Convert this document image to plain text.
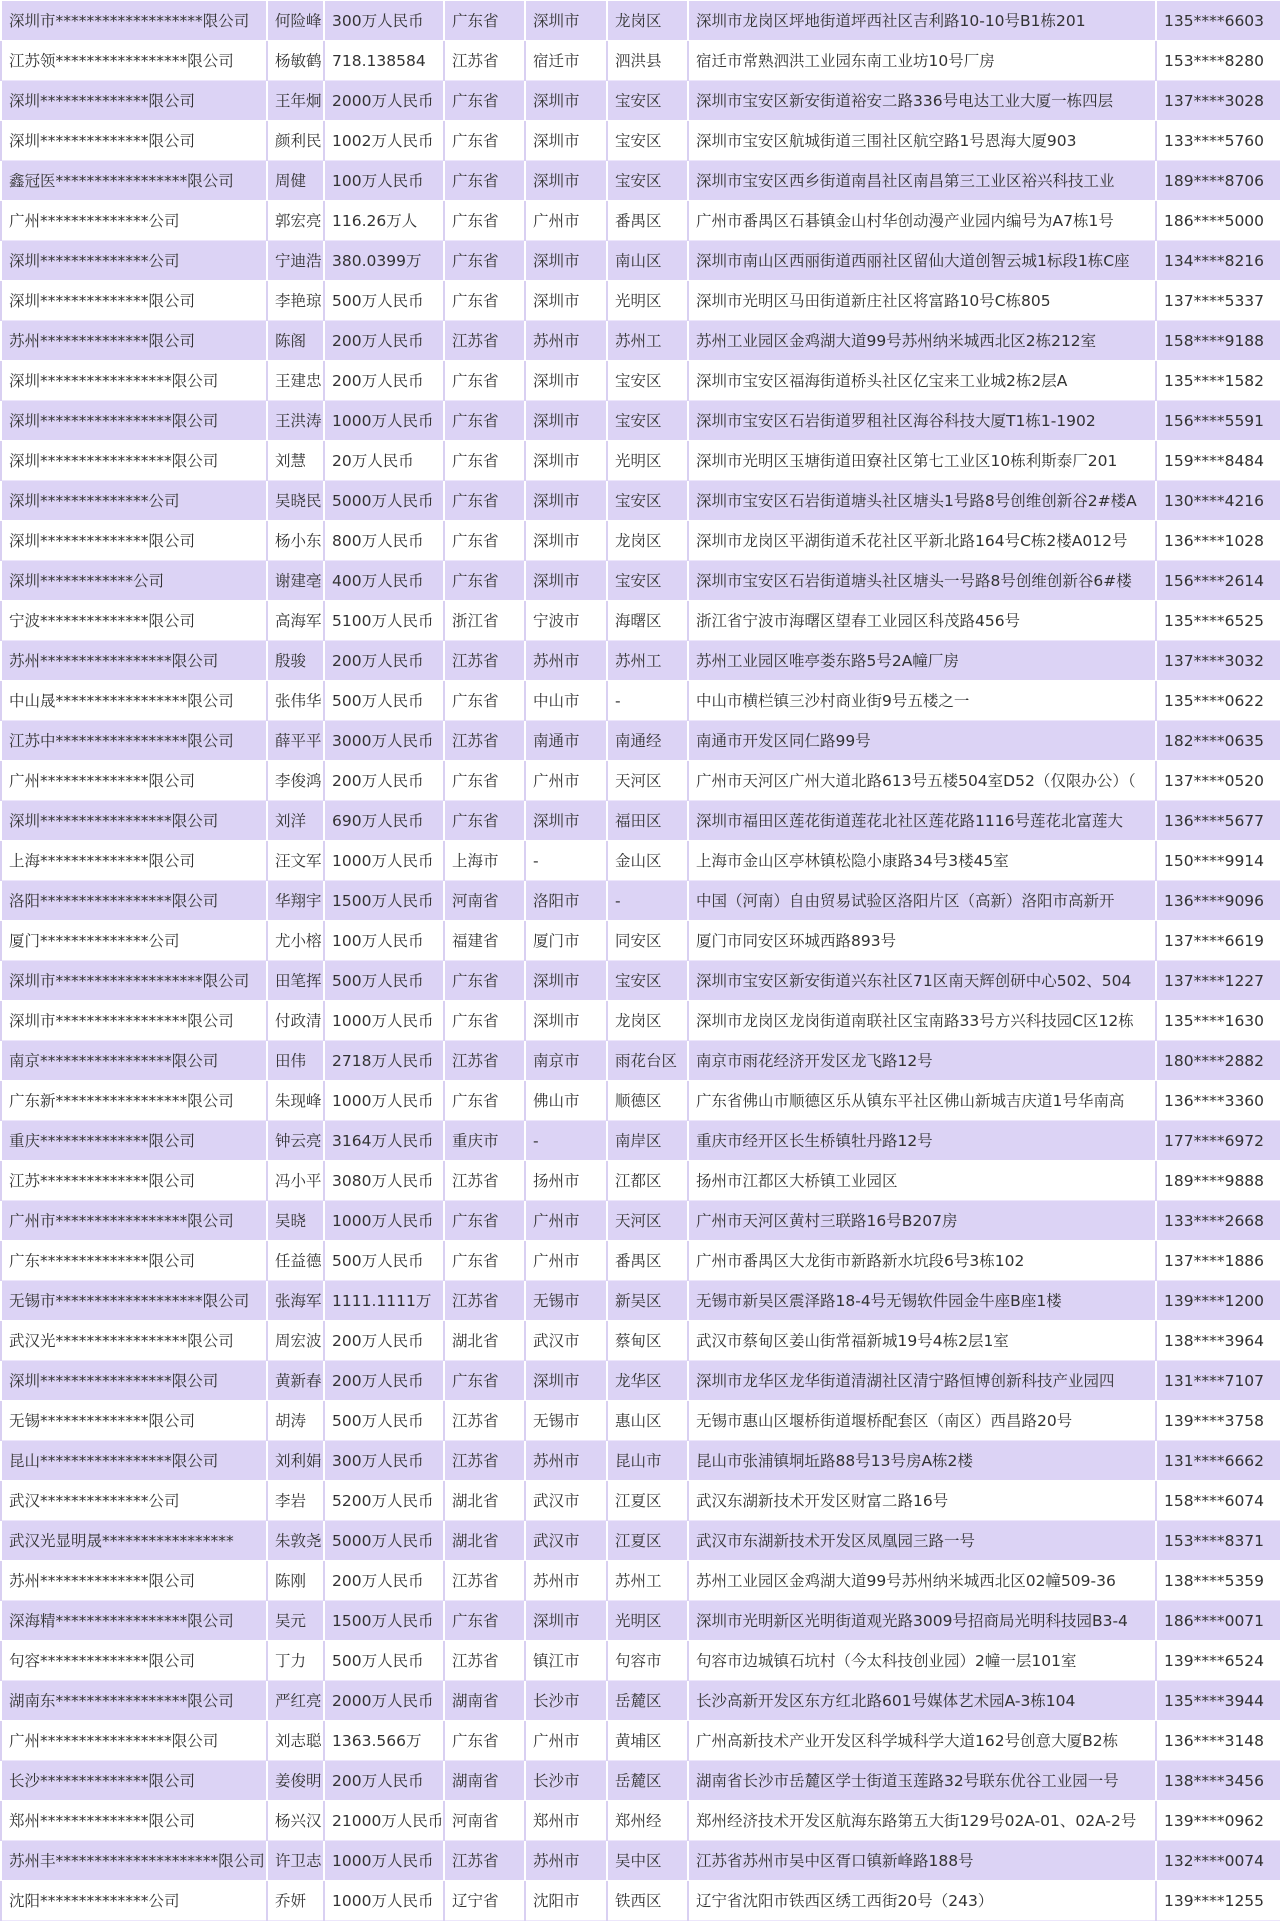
深圳市*******************限公司	何险峰	300万人民币	广东省	深圳市	龙岗区	深圳市龙岗区坪地街道坪西社区吉利路10-10号B1栋201	135****6603
江苏领*****************限公司	杨敏鹤	718.138584	江苏省	宿迁市	泗洪县	宿迁市常熟泗洪工业园东南工业坊10号厂房	153****8280
深圳**************限公司	王年炯	2000万人民币	广东省	深圳市	宝安区	深圳市宝安区新安街道裕安二路336号电达工业大厦一栋四层	137****3028
深圳**************限公司	颜利民	1002万人民币	广东省	深圳市	宝安区	深圳市宝安区航城街道三围社区航空路1号恩海大厦903	133****5760
鑫冠医*****************限公司	周健	100万人民币	广东省	深圳市	宝安区	深圳市宝安区西乡街道南昌社区南昌第三工业区裕兴科技工业	189****8706
广州**************公司	郭宏亮	116.26万人	广东省	广州市	番禺区	广州市番禺区石碁镇金山村华创动漫产业园内编号为A7栋1号	186****5000
深圳**************公司	宁迪浩	380.0399万	广东省	深圳市	南山区	深圳市南山区西丽街道西丽社区留仙大道创智云城1标段1栋C座	134****8216
深圳**************限公司	李艳琼	500万人民币	广东省	深圳市	光明区	深圳市光明区马田街道新庄社区将富路10号C栋805	137****5337
苏州**************限公司	陈阁	200万人民币	江苏省	苏州市	苏州工	苏州工业园区金鸡湖大道99号苏州纳米城西北区2栋212室	158****9188
深圳*****************限公司	王建忠	200万人民币	广东省	深圳市	宝安区	深圳市宝安区福海街道桥头社区亿宝来工业城2栋2层A	135****1582
深圳*****************限公司	王洪涛	1000万人民币	广东省	深圳市	宝安区	深圳市宝安区石岩街道罗租社区海谷科技大厦T1栋1-1902	156****5591
深圳*****************限公司	刘慧	20万人民币	广东省	深圳市	光明区	深圳市光明区玉塘街道田寮社区第七工业区10栋利斯泰厂201	159****8484
深圳**************公司	吴晓民	5000万人民币	广东省	深圳市	宝安区	深圳市宝安区石岩街道塘头社区塘头1号路8号创维创新谷2#楼A	130****4216
深圳**************限公司	杨小东	800万人民币	广东省	深圳市	龙岗区	深圳市龙岗区平湖街道禾花社区平新北路164号C栋2楼A012号	136****1028
深圳************公司	谢建亳	400万人民币	广东省	深圳市	宝安区	深圳市宝安区石岩街道塘头社区塘头一号路8号创维创新谷6#楼	156****2614
宁波**************限公司	高海军	5100万人民币	浙江省	宁波市	海曙区	浙江省宁波市海曙区望春工业园区科茂路456号	135****6525
苏州*****************限公司	殷骏	200万人民币	江苏省	苏州市	苏州工	苏州工业园区唯亭娄东路5号2A幢厂房	137****3032
中山晟*****************限公司	张伟华	500万人民币	广东省	中山市	-	中山市横栏镇三沙村商业街9号五楼之一	135****0622
江苏中*****************限公司	薛平平	3000万人民币	江苏省	南通市	南通经	南通市开发区同仁路99号	182****0635
广州**************限公司	李俊鸿	200万人民币	广东省	广州市	天河区	广州市天河区广州大道北路613号五楼504室D52（仅限办公）（	137****0520
深圳*****************限公司	刘洋	690万人民币	广东省	深圳市	福田区	深圳市福田区莲花街道莲花北社区莲花路1116号莲花北富莲大	136****5677
上海**************限公司	汪文军	1000万人民币	上海市	-	金山区	上海市金山区亭林镇松隐小康路34号3楼45室	150****9914
洛阳*****************限公司	华翔宇	1500万人民币	河南省	洛阳市	-	中国（河南）自由贸易试验区洛阳片区（高新）洛阳市高新开	136****9096
厦门**************公司	尤小榕	100万人民币	福建省	厦门市	同安区	厦门市同安区环城西路893号	137****6619
深圳市*******************限公司	田笔挥	500万人民币	广东省	深圳市	宝安区	深圳市宝安区新安街道兴东社区71区南天辉创研中心502、504	137****1227
深圳市*****************限公司	付政清	1000万人民币	广东省	深圳市	龙岗区	深圳市龙岗区龙岗街道南联社区宝南路33号方兴科技园C区12栋	135****1630
南京*****************限公司	田伟	2718万人民币	江苏省	南京市	雨花台区	南京市雨花经济开发区龙飞路12号	180****2882
广东新*****************限公司	朱现峰	1000万人民币	广东省	佛山市	顺德区	广东省佛山市顺德区乐从镇东平社区佛山新城吉庆道1号华南高	136****3360
重庆**************限公司	钟云亮	3164万人民币	重庆市	-	南岸区	重庆市经开区长生桥镇牡丹路12号	177****6972
江苏**************限公司	冯小平	3080万人民币	江苏省	扬州市	江都区	扬州市江都区大桥镇工业园区	189****9888
广州市*****************限公司	吴晓	1000万人民币	广东省	广州市	天河区	广州市天河区黄村三联路16号B207房	133****2668
广东**************限公司	任益德	500万人民币	广东省	广州市	番禺区	广州市番禺区大龙街市新路新水坑段6号3栋102	137****1886
无锡市*******************限公司	张海军	1111.1111万	江苏省	无锡市	新吴区	无锡市新吴区震泽路18-4号无锡软件园金牛座B座1楼	139****1200
武汉光*****************限公司	周宏波	200万人民币	湖北省	武汉市	蔡甸区	武汉市蔡甸区姜山街常福新城19号4栋2层1室	138****3964
深圳*****************限公司	黄新春	200万人民币	广东省	深圳市	龙华区	深圳市龙华区龙华街道清湖社区清宁路恒博创新科技产业园四	131****7107
无锡**************限公司	胡涛	500万人民币	江苏省	无锡市	惠山区	无锡市惠山区堰桥街道堰桥配套区（南区）西昌路20号	139****3758
昆山*****************限公司	刘利娟	300万人民币	江苏省	苏州市	昆山市	昆山市张浦镇垌坵路88号13号房A栋2楼	131****6662
武汉**************公司	李岩	5200万人民币	湖北省	武汉市	江夏区	武汉东湖新技术开发区财富二路16号	158****6074
武汉光显明晟*****************	朱敦尧	5000万人民币	湖北省	武汉市	江夏区	武汉市东湖新技术开发区凤凰园三路一号	153****8371
苏州**************限公司	陈刚	200万人民币	江苏省	苏州市	苏州工	苏州工业园区金鸡湖大道99号苏州纳米城西北区02幢509-36	138****5359
深海精*****************限公司	吴元	1500万人民币	广东省	深圳市	光明区	深圳市光明新区光明街道观光路3009号招商局光明科技园B3-4	186****0071
句容**************限公司	丁力	500万人民币	江苏省	镇江市	句容市	句容市边城镇石坑村（今太科技创业园）2幢一层101室	139****6524
湖南东*****************限公司	严红亮	2000万人民币	湖南省	长沙市	岳麓区	长沙高新开发区东方红北路601号媒体艺术园A-3栋104	135****3944
广州*****************限公司	刘志聪	1363.566万	广东省	广州市	黄埔区	广州高新技术产业开发区科学城科学大道162号创意大厦B2栋	136****3148
长沙**************限公司	姜俊明	200万人民币	湖南省	长沙市	岳麓区	湖南省长沙市岳麓区学士街道玉莲路32号联东优谷工业园一号	138****3456
郑州**************限公司	杨兴汉	21000万人民币	河南省	郑州市	郑州经	郑州经济技术开发区航海东路第五大街129号02A-01、02A-2号	139****0962
苏州丰*********************限公司	许卫志	1000万人民币	江苏省	苏州市	吴中区	江苏省苏州市吴中区胥口镇新峰路188号	132****0074
沈阳**************公司	乔妍	1000万人民币	辽宁省	沈阳市	铁西区	辽宁省沈阳市铁西区绣工西街20号（243）	139****1255
